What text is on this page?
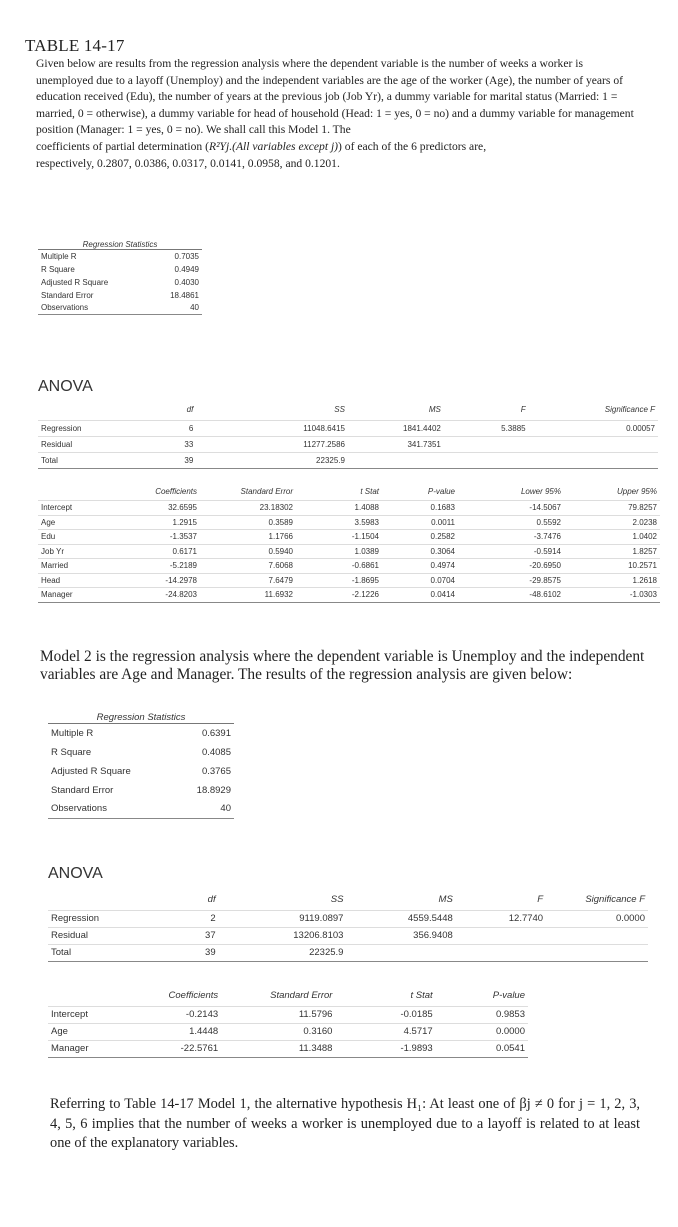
TABLE 14-17

Given below are results from the regression analysis where the dependent variable is the number of weeks a worker is unemployed due to a layoff (Unemploy) and the independent variables are the age of the worker (Age), the number of years of education received (Edu), the number of years at the previous job (Job Yr), a dummy variable for marital status (Married: 1 = married, 0 = otherwise), a dummy variable for head of household (Head: 1 = yes, 0 = no) and a dummy variable for management position (Manager: 1 = yes, 0 = no). We shall call this Model 1. The

coefficients of partial determination (R²Yj.(All variables except j)) of each of the 6 predictors are,

respectively, 0.2807, 0.0386, 0.0317, 0.0141, 0.0958, and 0.1201.

Regression Statistics	
Multiple R	0.7035
R Square	0.4949
Adjusted R Square	0.4030
Standard Error	18.4861
Observations	40
ANOVA
	df	SS	MS	F	Significance F
Regression	6	11048.6415	1841.4402	5.3885	0.00057
Residual	33	11277.2586	341.7351		
Total	39	22325.9			
	Coefficients	Standard Error	t Stat	P-value	Lower 95%	Upper 95%
Intercept	32.6595	23.18302	1.4088	0.1683	-14.5067	79.8257
Age	1.2915	0.3589	3.5983	0.0011	0.5592	2.0238
Edu	-1.3537	1.1766	-1.1504	0.2582	-3.7476	1.0402
Job Yr	0.6171	0.5940	1.0389	0.3064	-0.5914	1.8257
Married	-5.2189	7.6068	-0.6861	0.4974	-20.6950	10.2571
Head	-14.2978	7.6479	-1.8695	0.0704	-29.8575	1.2618
Manager	-24.8203	11.6932	-2.1226	0.0414	-48.6102	-1.0303
Model 2 is the regression analysis where the dependent variable is Unemploy and the independent variables are Age and Manager. The results of the regression analysis are given below:
Regression Statistics	
Multiple R	0.6391
R Square	0.4085
Adjusted R Square	0.3765
Standard Error	18.8929
Observations	40
ANOVA
	df	SS	MS	F	Significance F
Regression	2	9119.0897	4559.5448	12.7740	0.0000
Residual	37	13206.8103	356.9408		
Total	39	22325.9			
	Coefficients	Standard Error	t Stat	P-value
Intercept	-0.2143	11.5796	-0.0185	0.9853
Age	1.4448	0.3160	4.5717	0.0000
Manager	-22.5761	11.3488	-1.9893	0.0541
Referring to Table 14-17 Model 1, the alternative hypothesis H₁: At least one of βj ≠ 0 for j = 1, 2, 3, 4, 5, 6 implies that the number of weeks a worker is unemployed due to a layoff is related to at least one of the explanatory variables.
